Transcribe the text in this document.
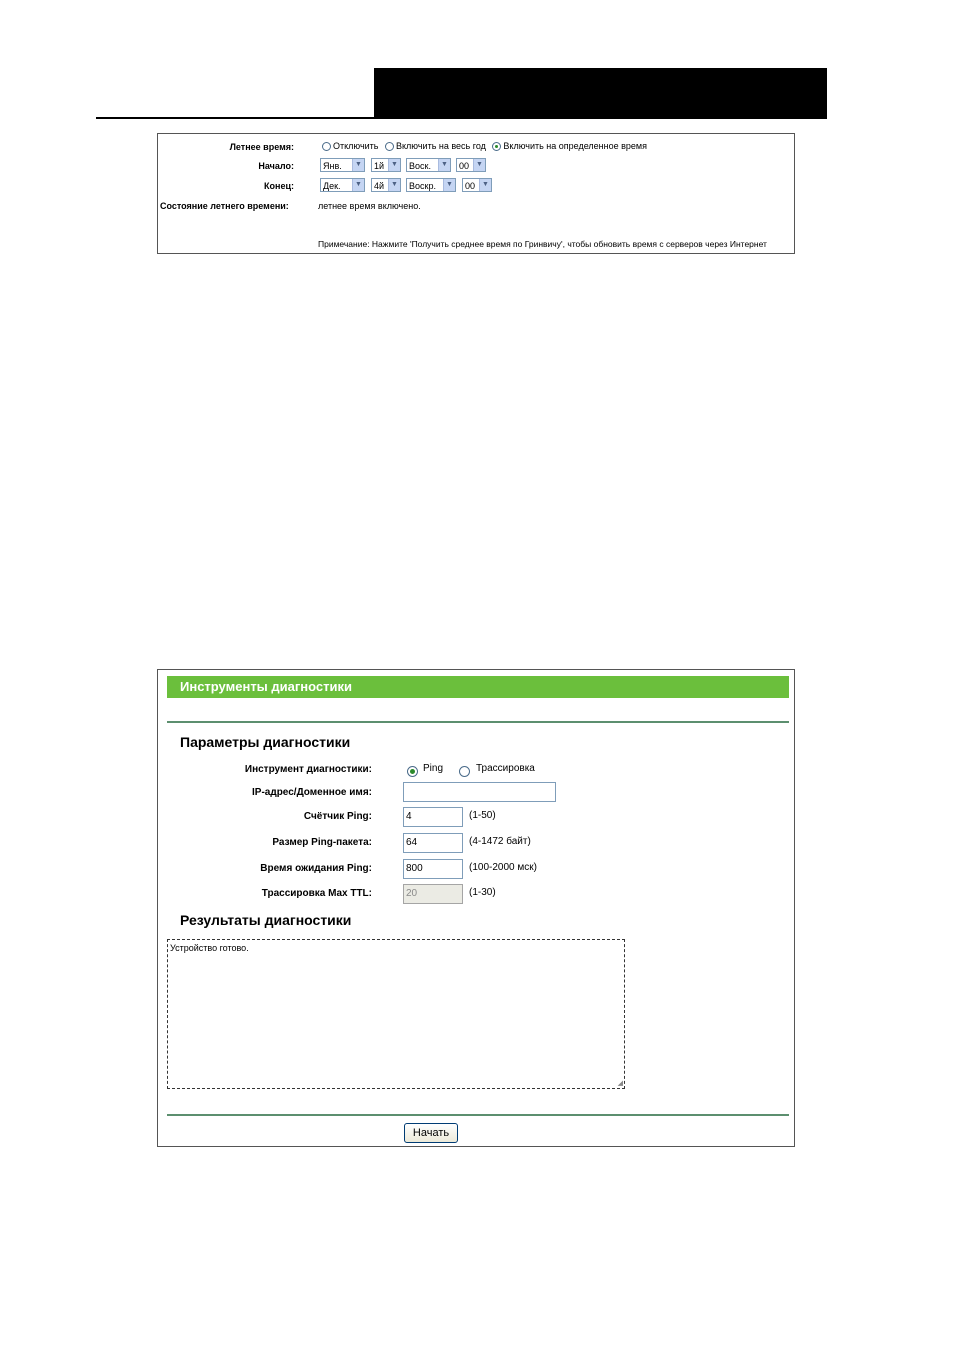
Летнее время:	Отключить Включить на весь год Включить на определенное время
Начало:	Янв.	▼	1й ▼	Воск.	▼	00	▼
Конец:	Дек.	▼	4й ▼	Воскр.	▼	00	▼
Состояние летнего времени:	летнее время включено.
Примечание: Нажмите 'Получить среднее время по Гринвичу', чтобы обновить время с серверов через Интернет
Инструменты диагностики
Параметры диагностики
Инструмент диагностики:	Ping	Трассировка
IP-адрес/Доменное имя:
Счётчик Ping:	4	(1-50)
Размер Ping-пакета:	64	(4-1472 байт)
Время ожидания Ping:	800	(100-2000 мск)
Трассировка Max TTL:	20	(1-30)
Результаты диагностики
Устройство готово.
◢
Начать
